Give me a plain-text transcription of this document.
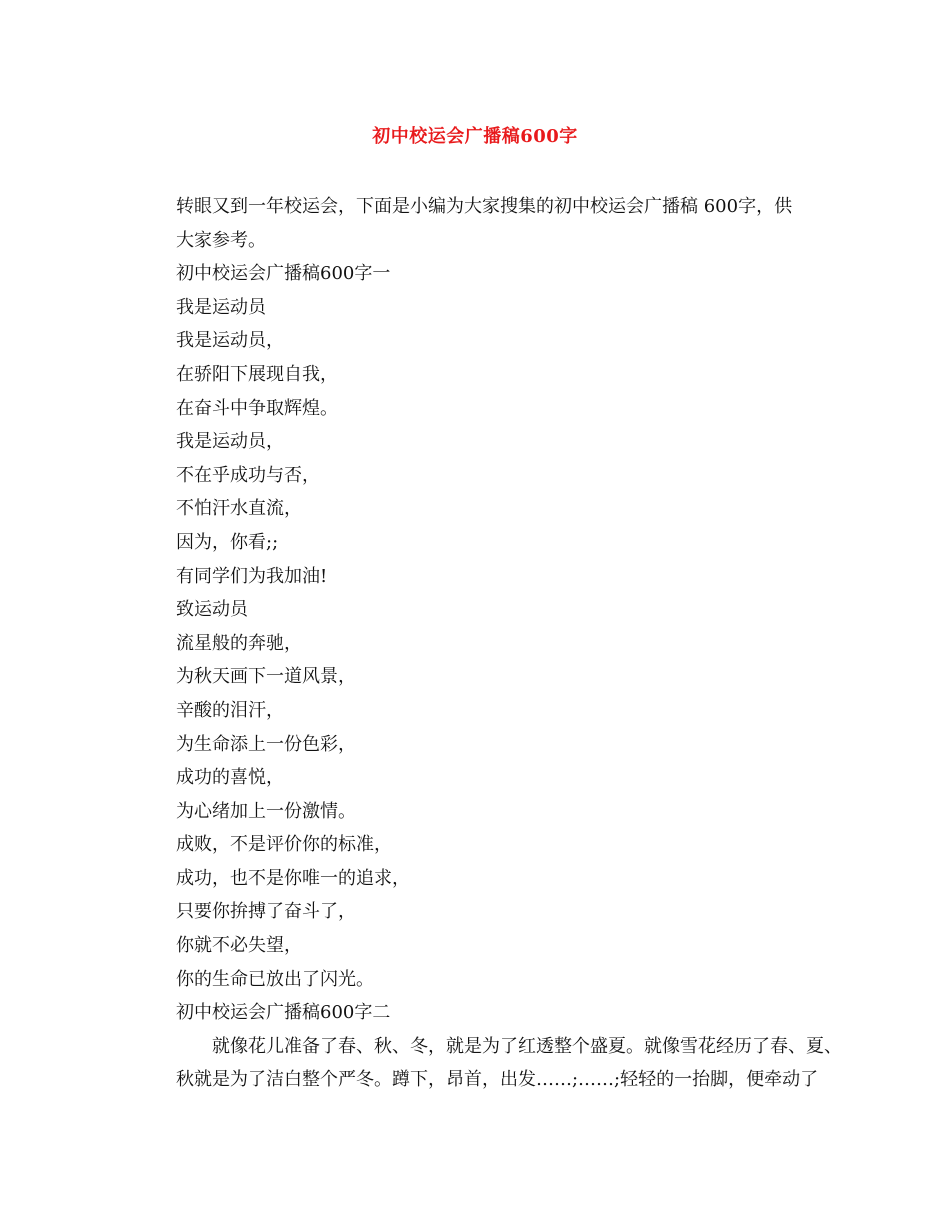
初中校运会广播稿600字
转眼又到一年校运会，下面是小编为大家搜集的初中校运会广播稿 600字，供
大家参考。
初中校运会广播稿600字一
我是运动员
我是运动员，
在骄阳下展现自我，
在奋斗中争取辉煌。
我是运动员，
不在乎成功与否，
不怕汗水直流，
因为，你看;;
有同学们为我加油!
致运动员
流星般的奔驰，
为秋天画下一道风景，
辛酸的泪汗，
为生命添上一份色彩，
成功的喜悦，
为心绪加上一份激情。
成败，不是评价你的标准，
成功，也不是你唯一的追求，
只要你拚搏了奋斗了，
你就不必失望，
你的生命已放出了闪光。
初中校运会广播稿600字二
就像花儿准备了春、秋、冬，就是为了红透整个盛夏。就像雪花经历了春、夏、
秋就是为了洁白整个严冬。蹲下，昂首，出发……;……;轻轻的一抬脚，便牵动了
